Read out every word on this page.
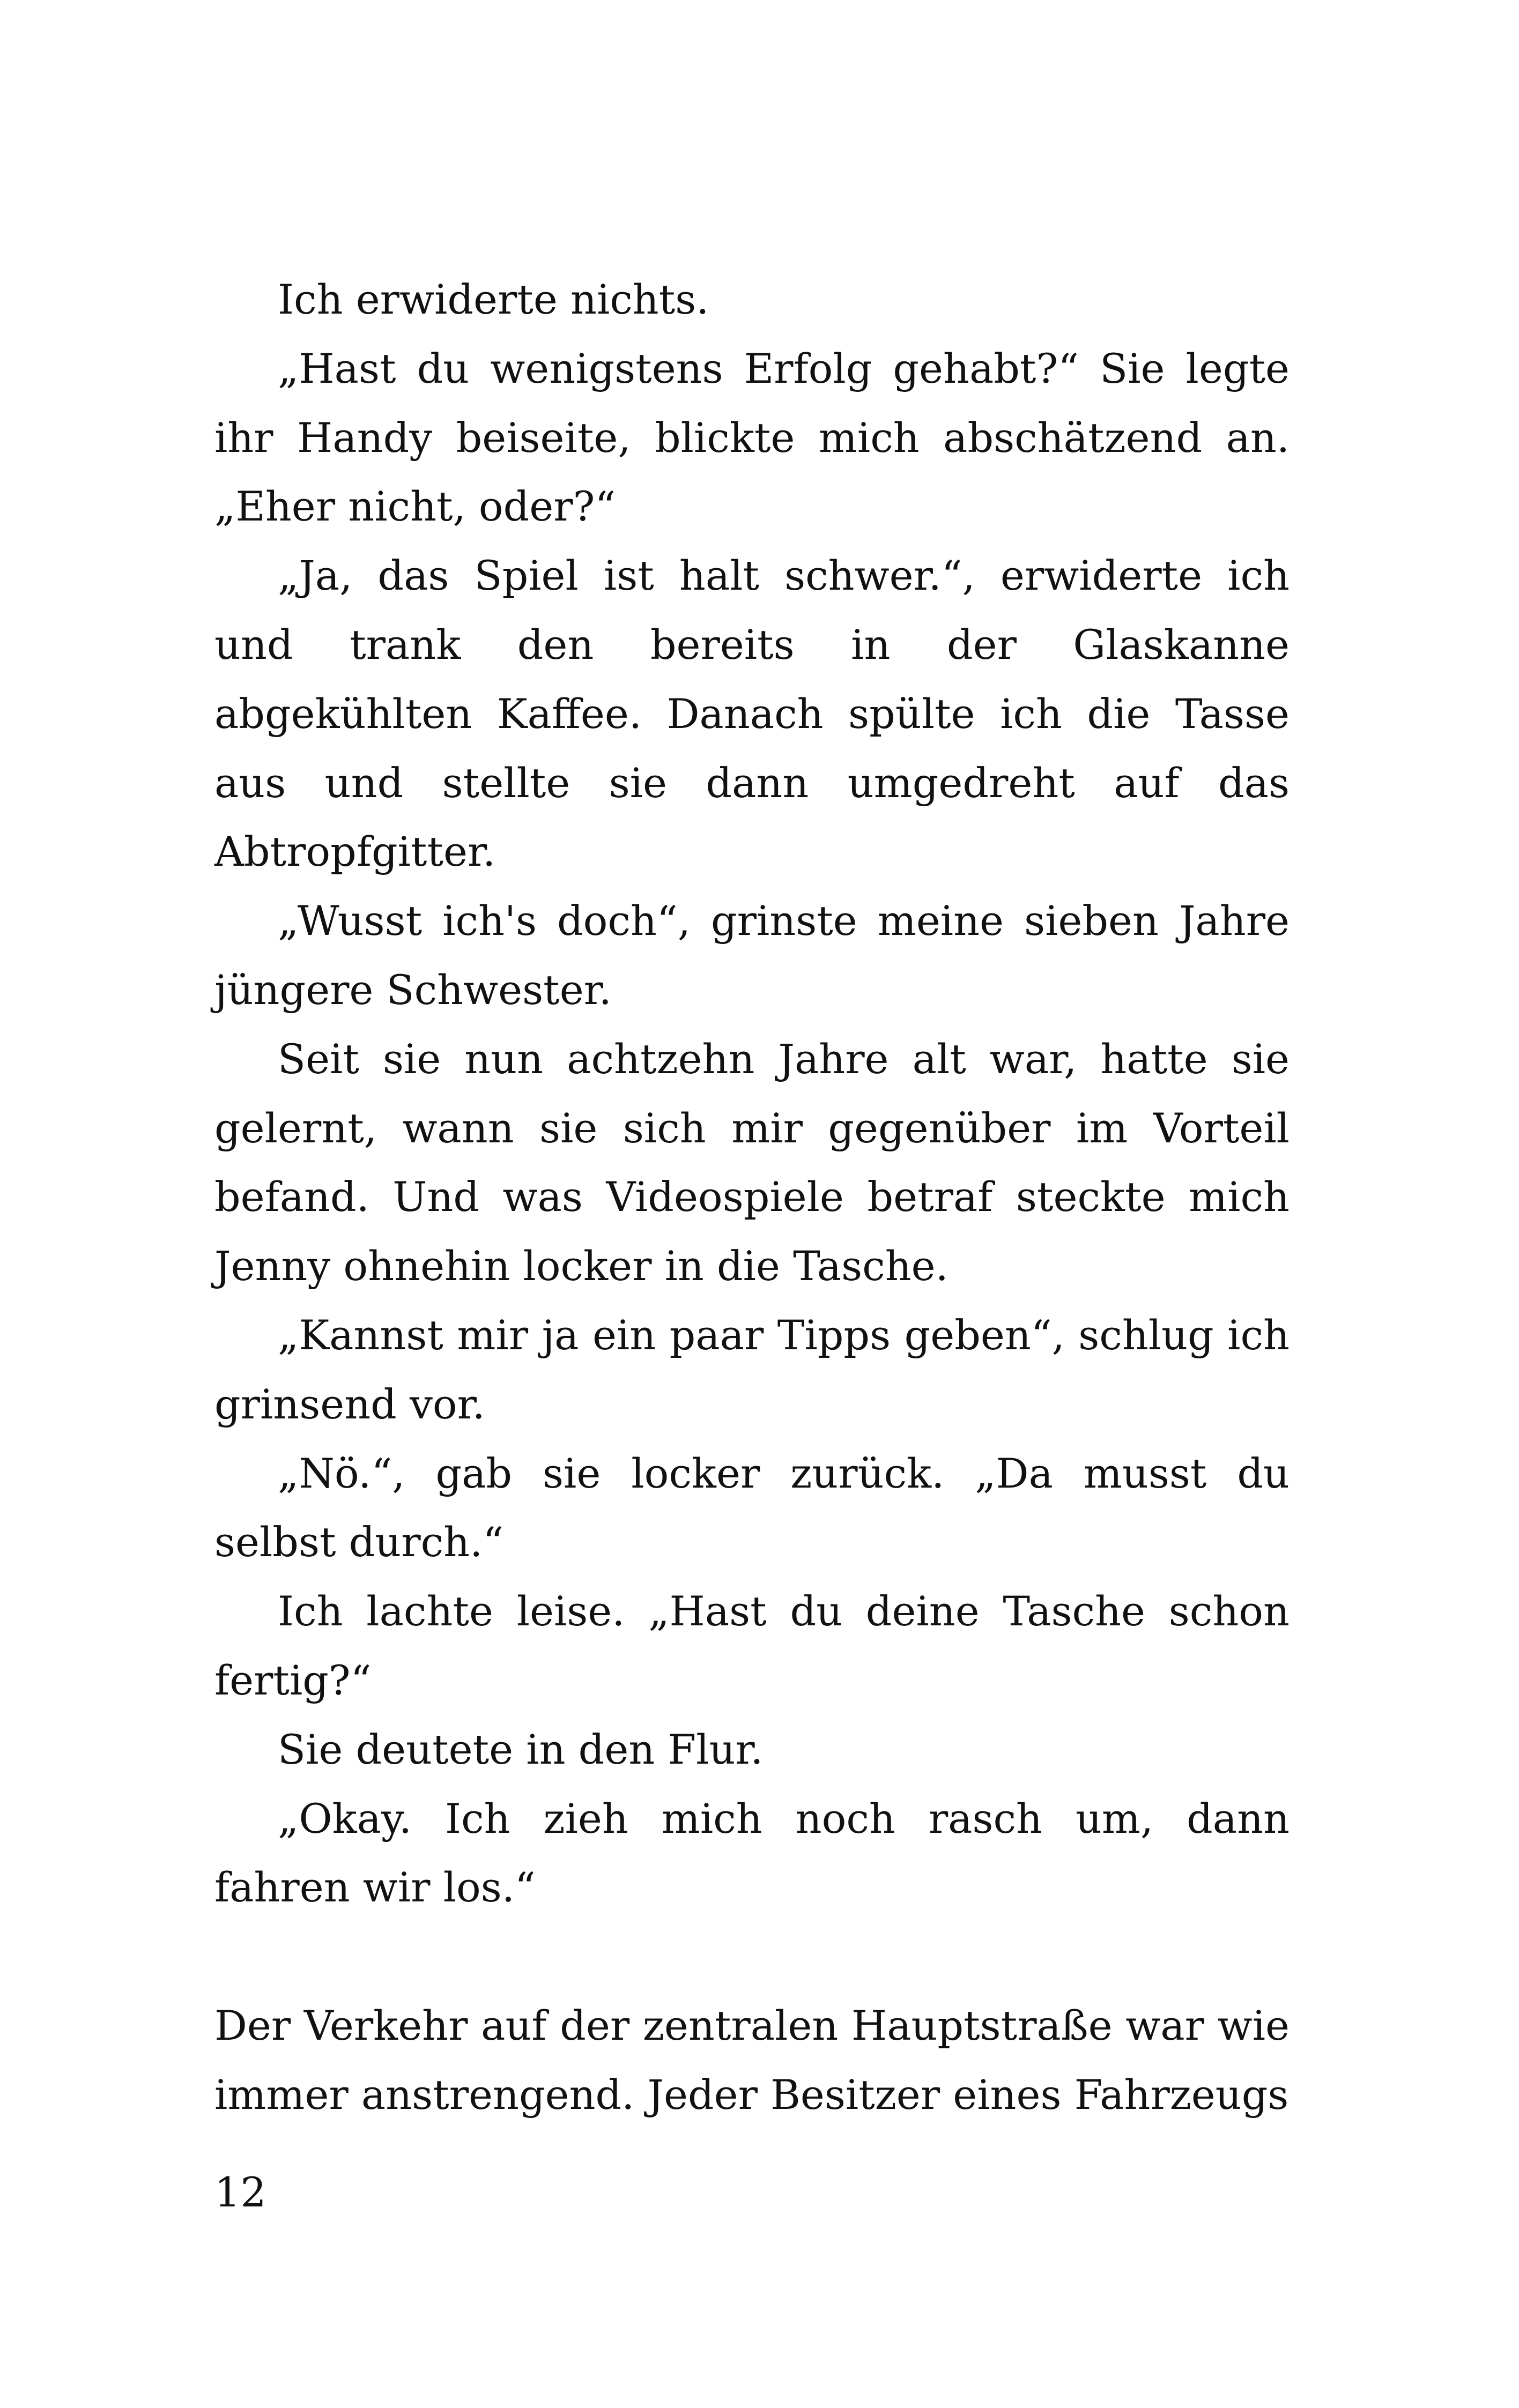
Ich erwiderte nichts.

„Hast du wenigstens Erfolg gehabt?“ Sie legte ihr Handy beiseite, blickte mich abschätzend an. „Eher nicht, oder?“

„Ja, das Spiel ist halt schwer.“, erwiderte ich und trank den bereits in der Glaskanne abgekühlten Kaffee. Danach spülte ich die Tasse aus und stellte sie dann umgedreht auf das Abtropfgitter.

„Wusst ich's doch“, grinste meine sieben Jahre jüngere Schwester.

Seit sie nun achtzehn Jahre alt war, hatte sie gelernt, wann sie sich mir gegenüber im Vorteil befand. Und was Videospiele betraf steckte mich Jenny ohnehin locker in die Tasche.

„Kannst mir ja ein paar Tipps geben“, schlug ich grinsend vor.

„Nö.“, gab sie locker zurück. „Da musst du selbst durch.“

Ich lachte leise. „Hast du deine Tasche schon fertig?“

Sie deutete in den Flur.

„Okay. Ich zieh mich noch rasch um, dann fahren wir los.“

Der Verkehr auf der zentralen Hauptstraße war wie immer anstrengend. Jeder Besitzer eines Fahrzeugs

12
